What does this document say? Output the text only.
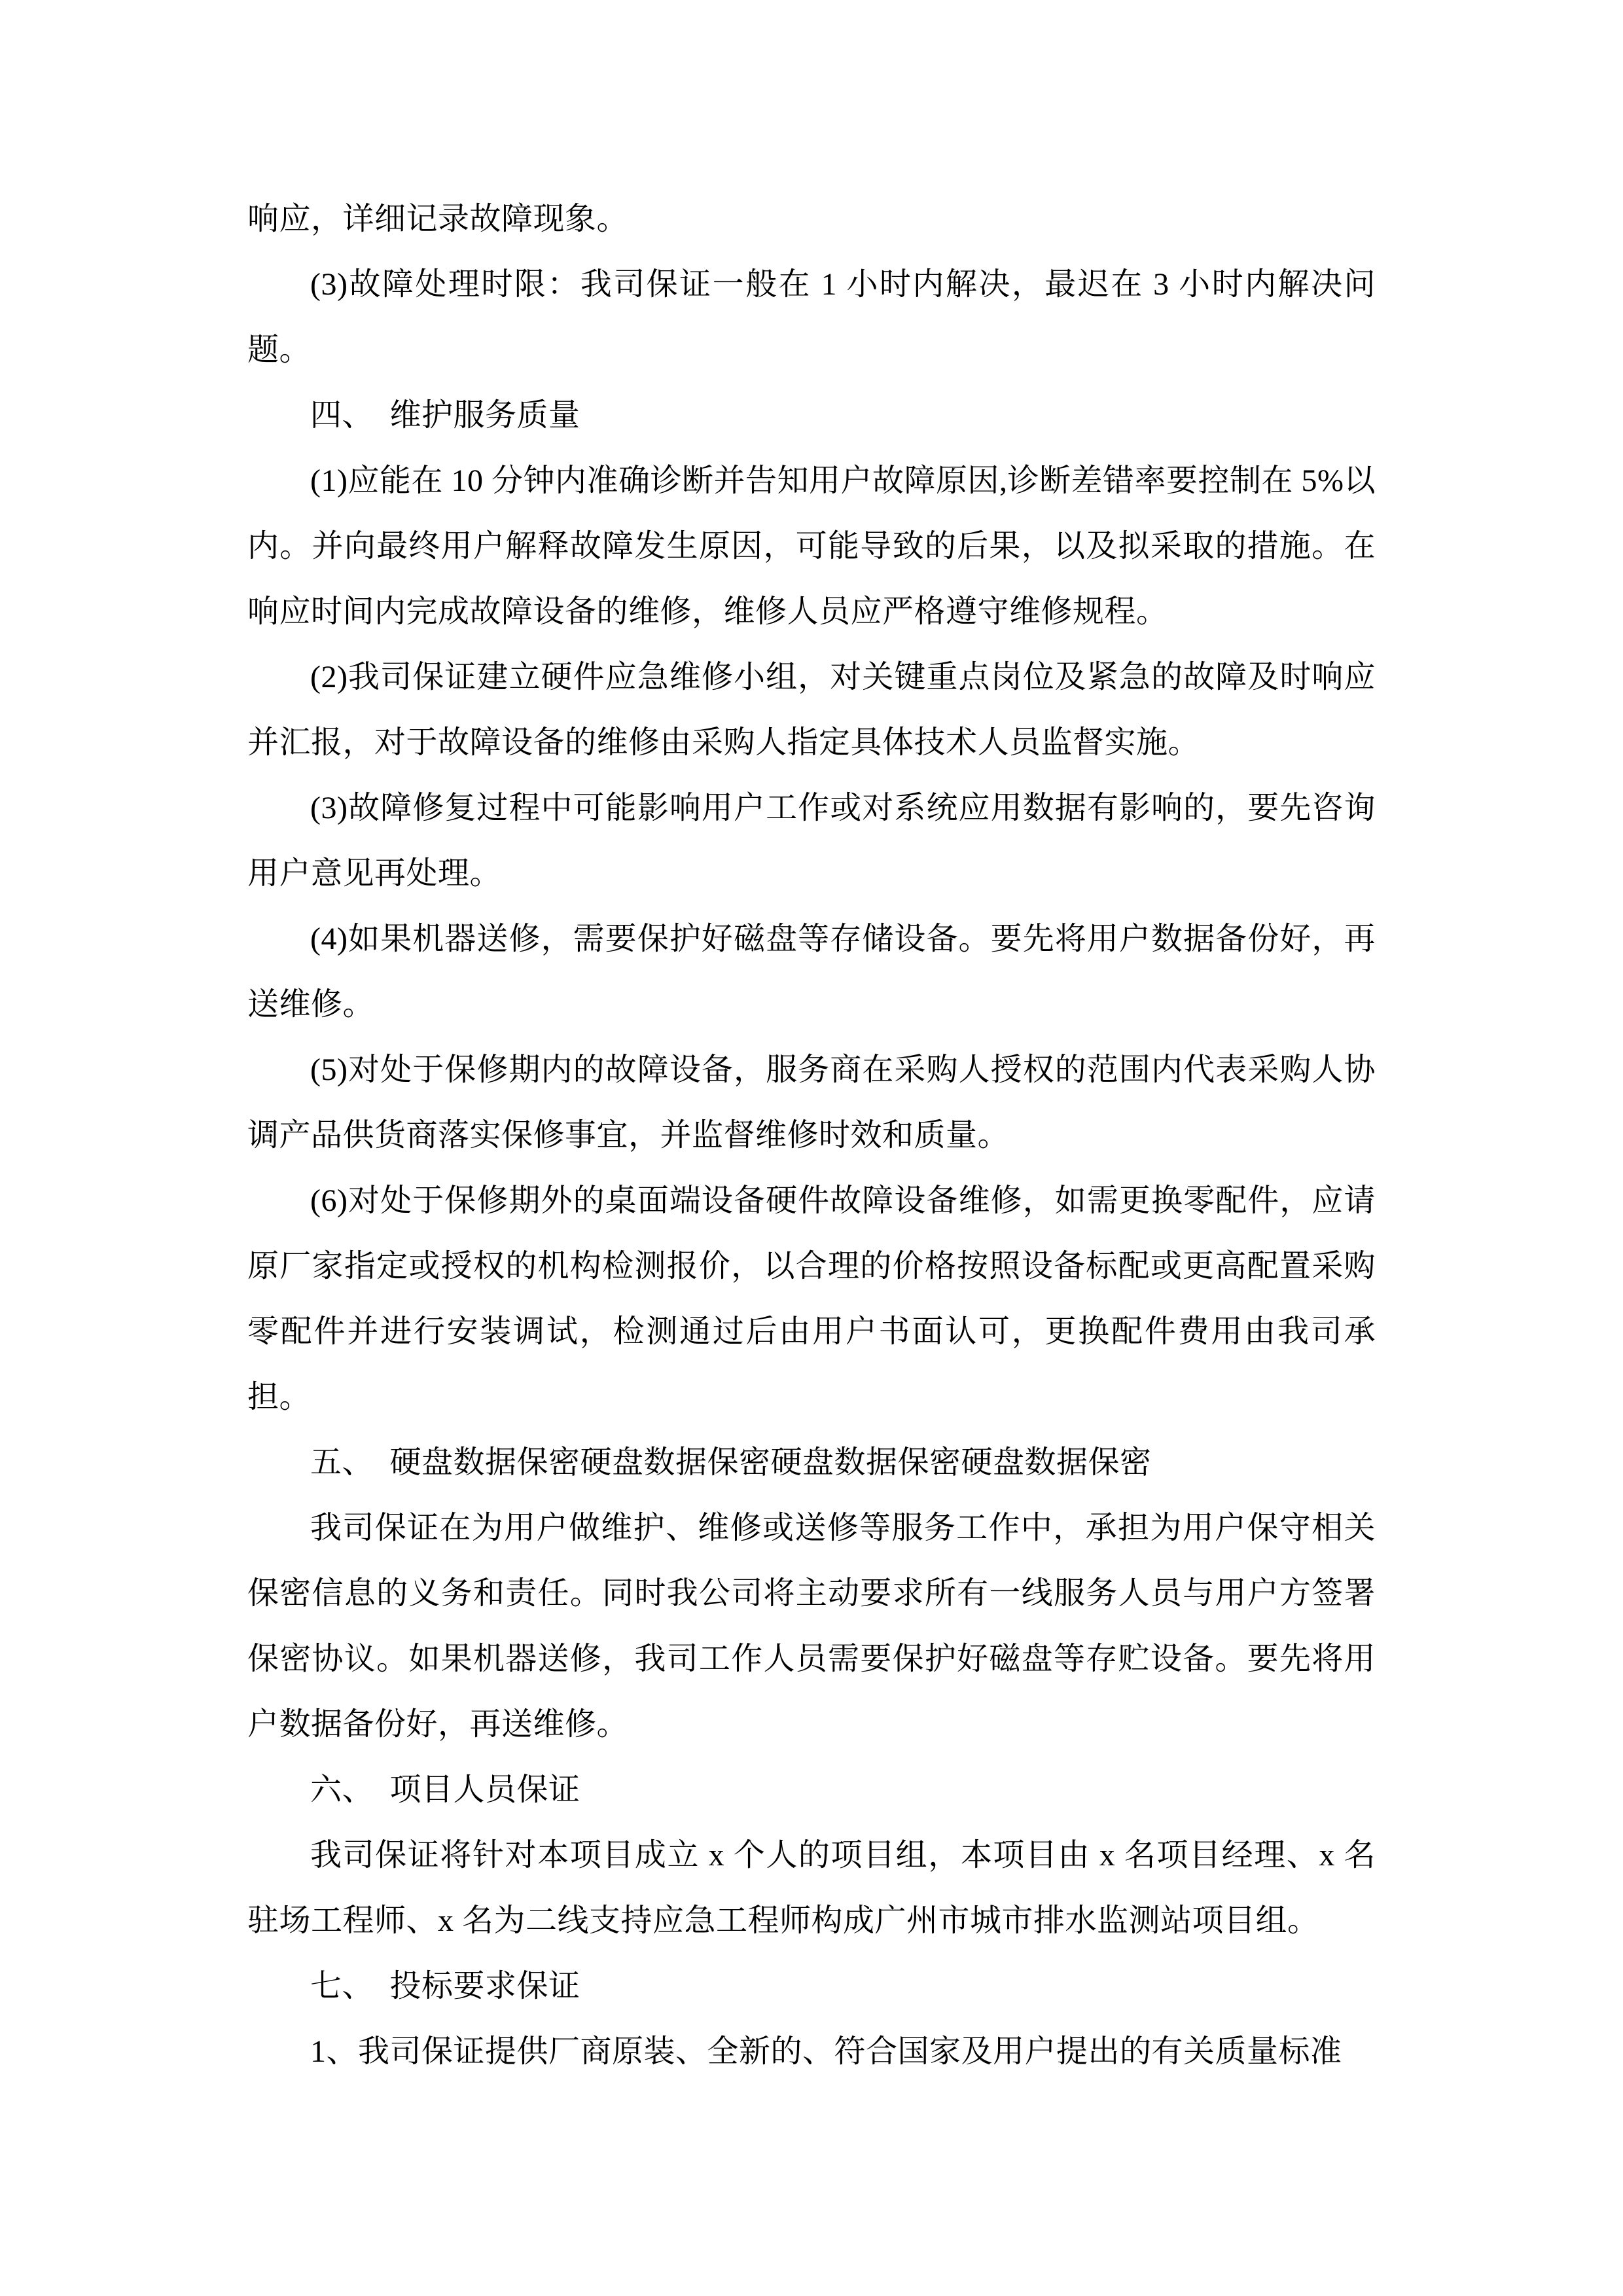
响应，详细记录故障现象。

(3)故障处理时限：我司保证一般在 1 小时内解决，最迟在 3 小时内解决问题。

四、　维护服务质量

(1)应能在 10 分钟内准确诊断并告知用户故障原因,诊断差错率要控制在 5%以内。并向最终用户解释故障发生原因，可能导致的后果，以及拟采取的措施。在响应时间内完成故障设备的维修，维修人员应严格遵守维修规程。

(2)我司保证建立硬件应急维修小组，对关键重点岗位及紧急的故障及时响应并汇报，对于故障设备的维修由采购人指定具体技术人员监督实施。

(3)故障修复过程中可能影响用户工作或对系统应用数据有影响的，要先咨询用户意见再处理。

(4)如果机器送修，需要保护好磁盘等存储设备。要先将用户数据备份好，再送维修。

(5)对处于保修期内的故障设备，服务商在采购人授权的范围内代表采购人协调产品供货商落实保修事宜，并监督维修时效和质量。

(6)对处于保修期外的桌面端设备硬件故障设备维修，如需更换零配件，应请原厂家指定或授权的机构检测报价，以合理的价格按照设备标配或更高配置采购零配件并进行安装调试，检测通过后由用户书面认可，更换配件费用由我司承担。

五、　硬盘数据保密硬盘数据保密硬盘数据保密硬盘数据保密

我司保证在为用户做维护、维修或送修等服务工作中，承担为用户保守相关保密信息的义务和责任。同时我公司将主动要求所有一线服务人员与用户方签署保密协议。如果机器送修，我司工作人员需要保护好磁盘等存贮设备。要先将用户数据备份好，再送维修。

六、　项目人员保证

我司保证将针对本项目成立 x 个人的项目组，本项目由 x 名项目经理、x 名驻场工程师、x 名为二线支持应急工程师构成广州市城市排水监测站项目组。

七、　投标要求保证

1、我司保证提供厂商原装、全新的、符合国家及用户提出的有关质量标准
